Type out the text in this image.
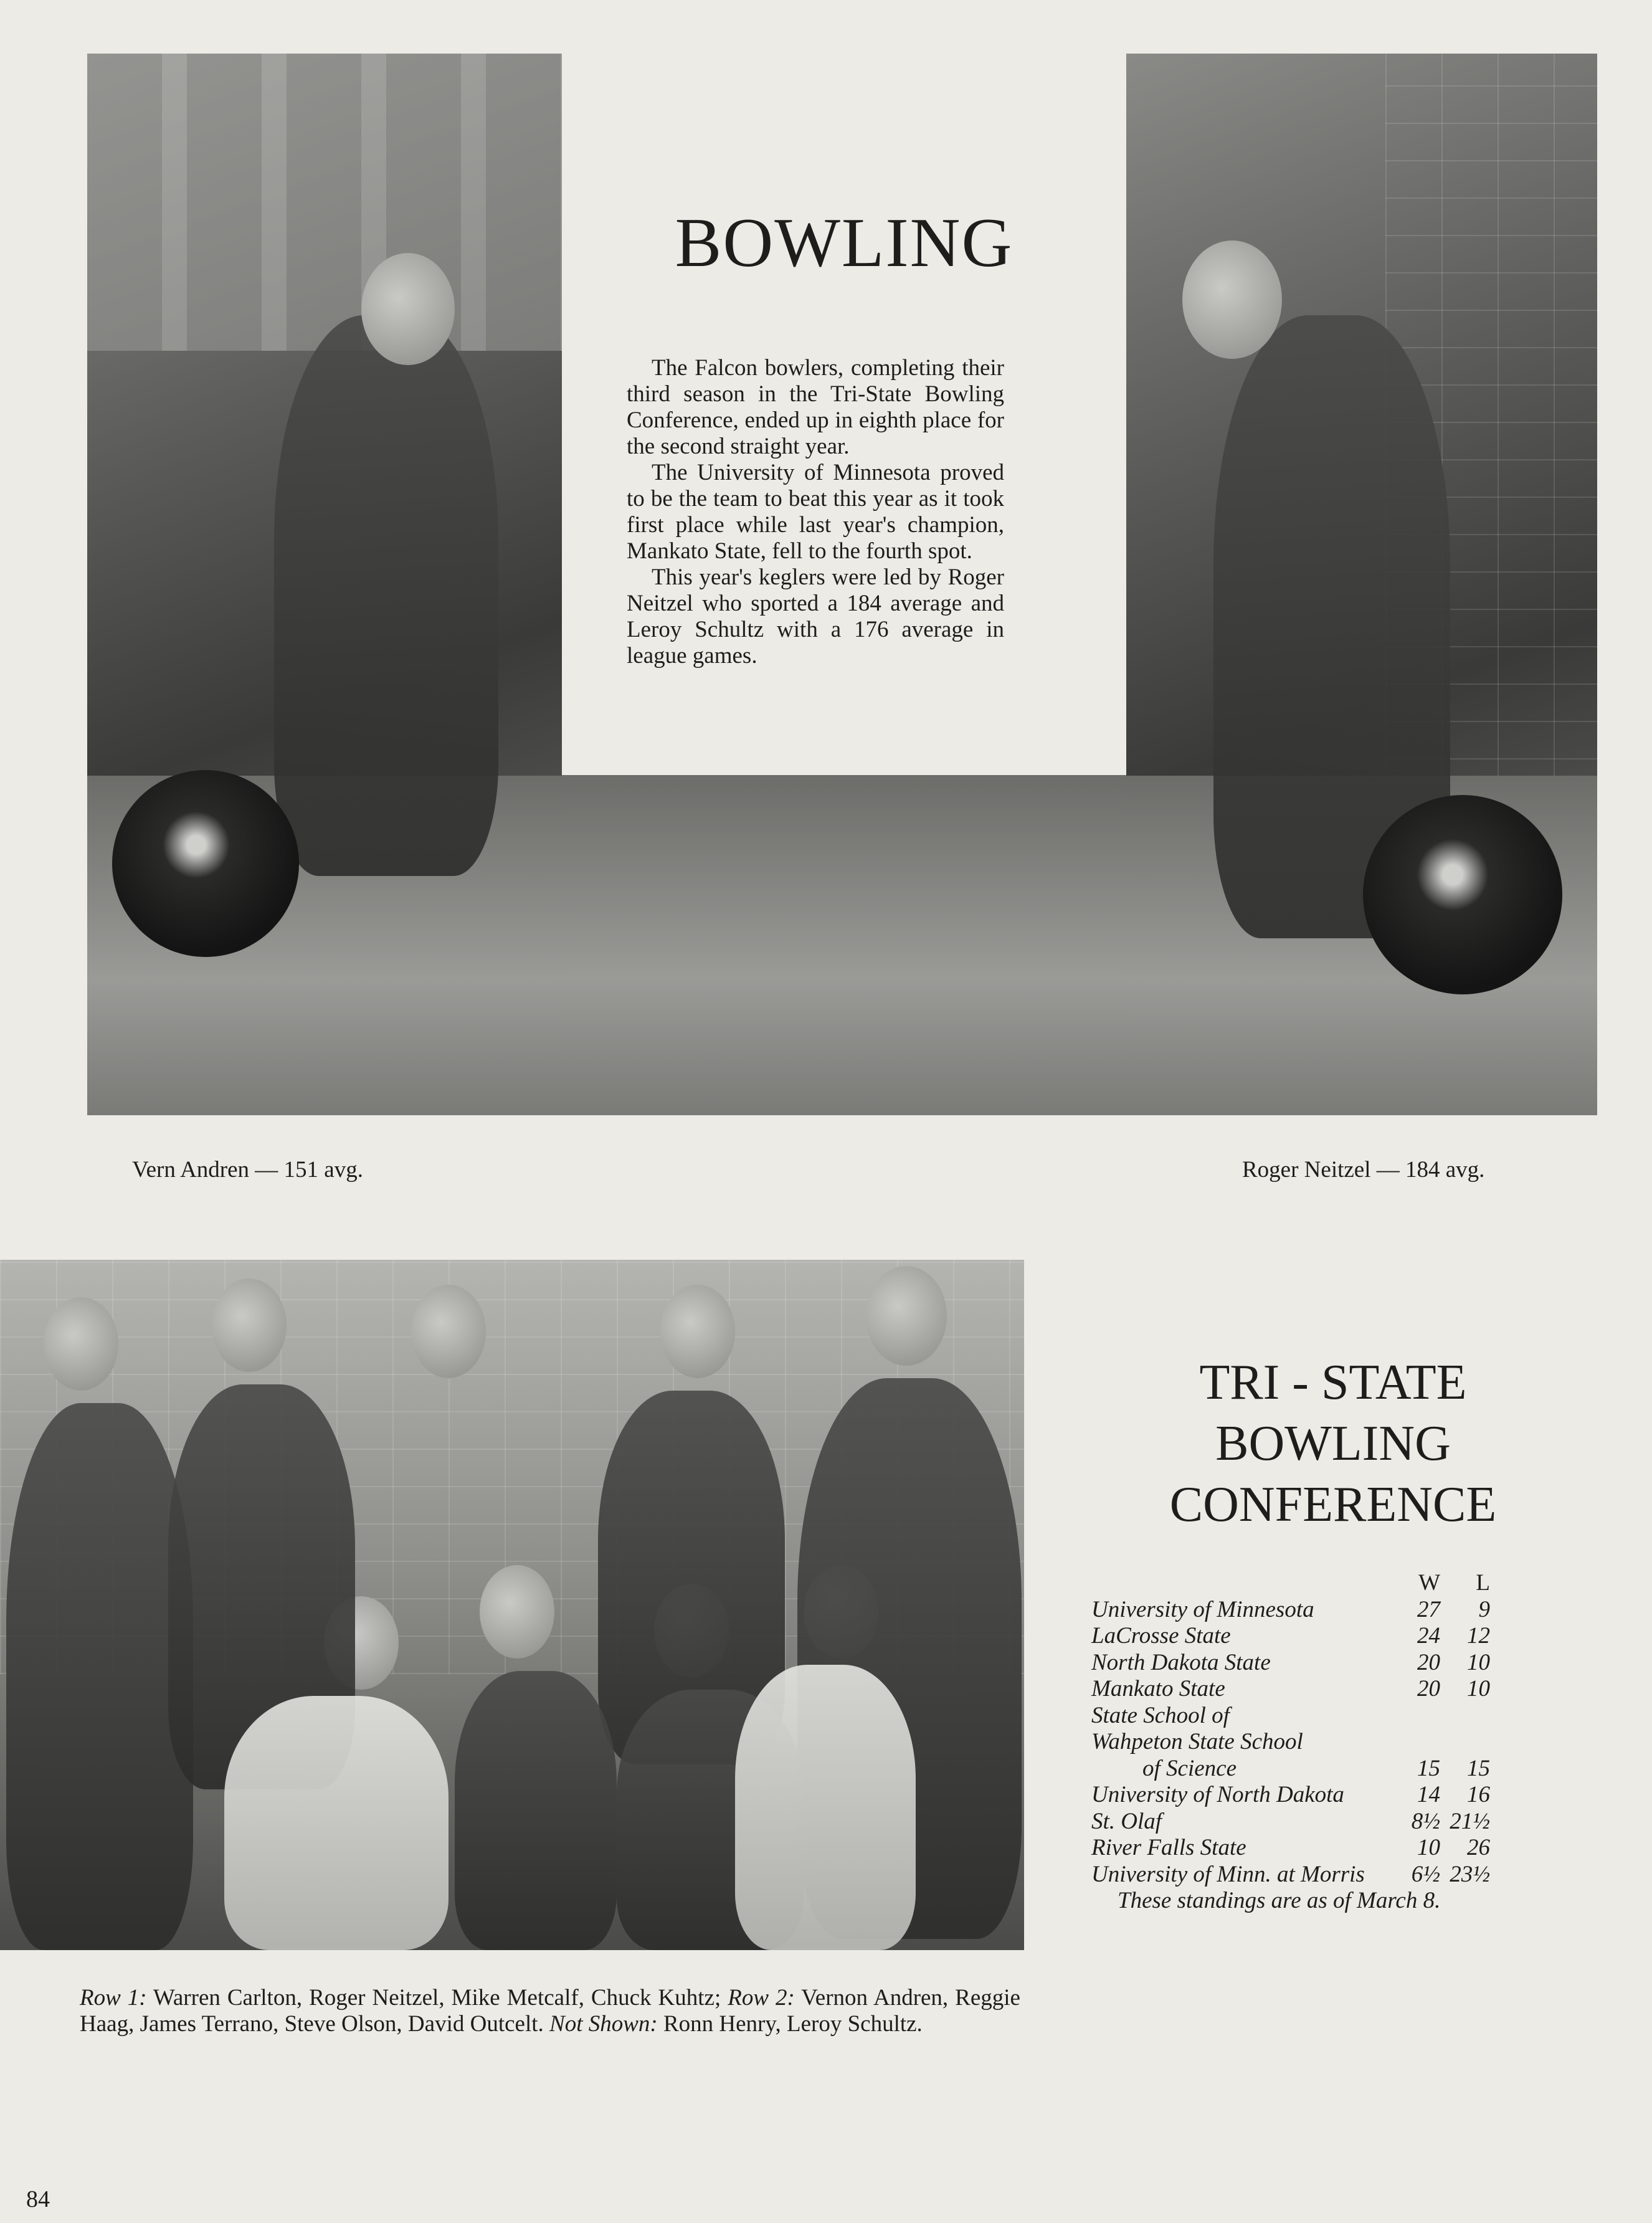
BOWLING

The Falcon bowlers, completing their third season in the Tri-State Bowling Conference, ended up in eighth place for the second straight year.

The University of Minnesota proved to be the team to beat this year as it took first place while last year's champion, Mankato State, fell to the fourth spot.

This year's keglers were led by Roger Neitzel who sported a 184 average and Leroy Schultz with a 176 average in league games.

Vern Andren — 151 avg.	Roger Neitzel — 184 avg.
TRI - STATE
BOWLING
CONFERENCE
W L
University of Minnesota	27 9
LaCrosse State	24 12
North Dakota State	20 10
Mankato State	20 10
State School of
Wahpeton State School
of Science	15 15
University of North Dakota	14 16
St. Olaf	8½ 21½
River Falls State	10 26
University of Minn. at Morris 6½ 23½
These standings are as of March 8.
Row 1: Warren Carlton, Roger Neitzel, Mike Metcalf, Chuck Kuhtz; Row 2: Vernon Andren, Reggie Haag, James Terrano, Steve Olson, David Outcelt. Not Shown: Ronn Henry, Leroy Schultz.
84
